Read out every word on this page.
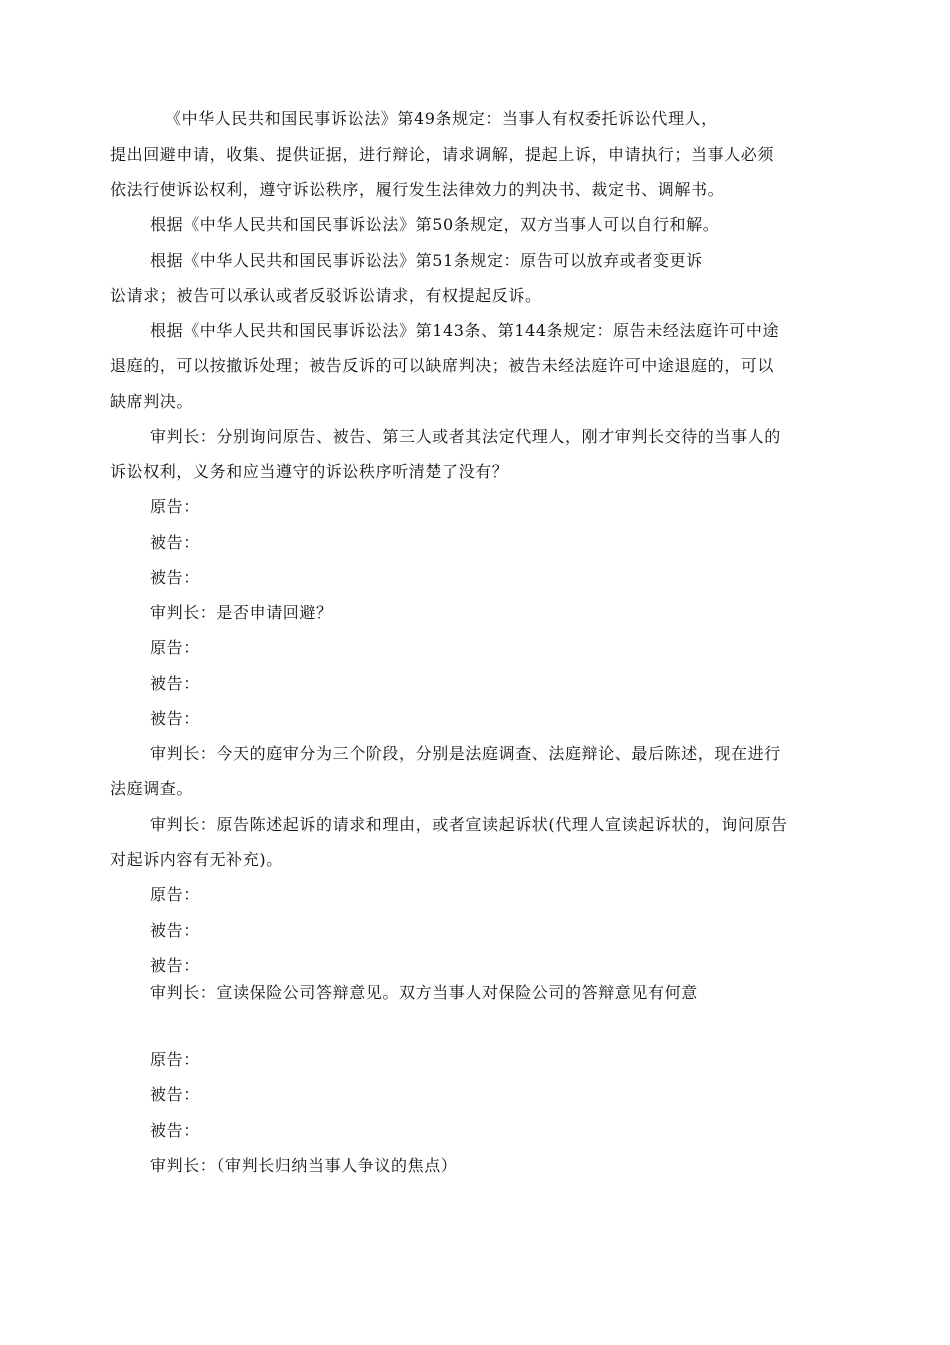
《中华人民共和国民事诉讼法》第49条规定：当事人有权委托诉讼代理人，
提出回避申请，收集、提供证据，进行辩论，请求调解，提起上诉，申请执行；当事人必须
依法行使诉讼权利，遵守诉讼秩序，履行发生法律效力的判决书、裁定书、调解书。
根据《中华人民共和国民事诉讼法》第50条规定，双方当事人可以自行和解。
根据《中华人民共和国民事诉讼法》第51条规定：原告可以放弃或者变更诉
讼请求；被告可以承认或者反驳诉讼请求，有权提起反诉。
根据《中华人民共和国民事诉讼法》第143条、第144条规定：原告未经法庭许可中途
退庭的，可以按撤诉处理；被告反诉的可以缺席判决；被告未经法庭许可中途退庭的，可以
缺席判决。
审判长：分别询问原告、被告、第三人或者其法定代理人，刚才审判长交待的当事人的
诉讼权利，义务和应当遵守的诉讼秩序听清楚了没有？
原告：
被告：
被告：
审判长：是否申请回避？
原告：
被告：
被告：
审判长：今天的庭审分为三个阶段，分别是法庭调查、法庭辩论、最后陈述，现在进行
法庭调查。
审判长：原告陈述起诉的请求和理由，或者宣读起诉状(代理人宣读起诉状的，询问原告
对起诉内容有无补充)。
原告：
被告：
被告：
审判长：宣读保险公司答辩意见。双方当事人对保险公司的答辩意见有何意
原告：
被告：
被告：
审判长：（审判长归纳当事人争议的焦点）
